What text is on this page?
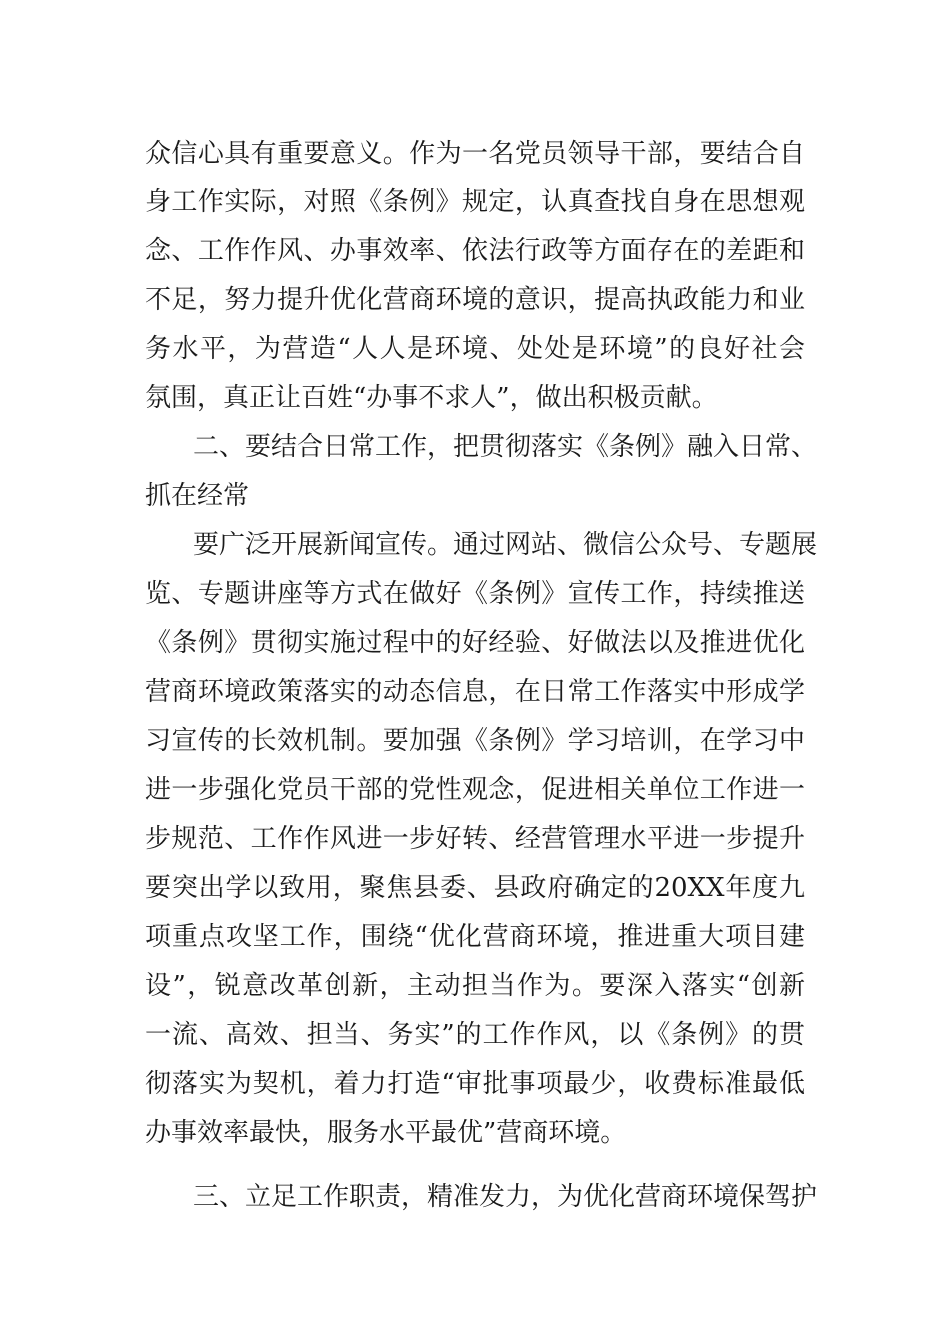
众信心具有重要意义。作为一名党员领导干部，要结合自
身工作实际，对照《条例》规定，认真查找自身在思想观
念、工作作风、办事效率、依法行政等方面存在的差距和
不足，努力提升优化营商环境的意识，提高执政能力和业
务水平，为营造“人人是环境、处处是环境”的良好社会
氛围，真正让百姓“办事不求人”，做出积极贡献。
二、要结合日常工作，把贯彻落实《条例》融入日常、
抓在经常
要广泛开展新闻宣传。通过网站、微信公众号、专题展
览、专题讲座等方式在做好《条例》宣传工作，持续推送
《条例》贯彻实施过程中的好经验、好做法以及推进优化
营商环境政策落实的动态信息，在日常工作落实中形成学
习宣传的长效机制。要加强《条例》学习培训，在学习中
进一步强化党员干部的党性观念，促进相关单位工作进一
步规范、工作作风进一步好转、经营管理水平进一步提升
要突出学以致用，聚焦县委、县政府确定的20XX年度九
项重点攻坚工作，围绕“优化营商环境，推进重大项目建
设”，锐意改革创新，主动担当作为。要深入落实“创新
一流、高效、担当、务实”的工作作风，以《条例》的贯
彻落实为契机，着力打造“审批事项最少，收费标准最低
办事效率最快，服务水平最优”营商环境。
三、立足工作职责，精准发力，为优化营商环境保驾护
